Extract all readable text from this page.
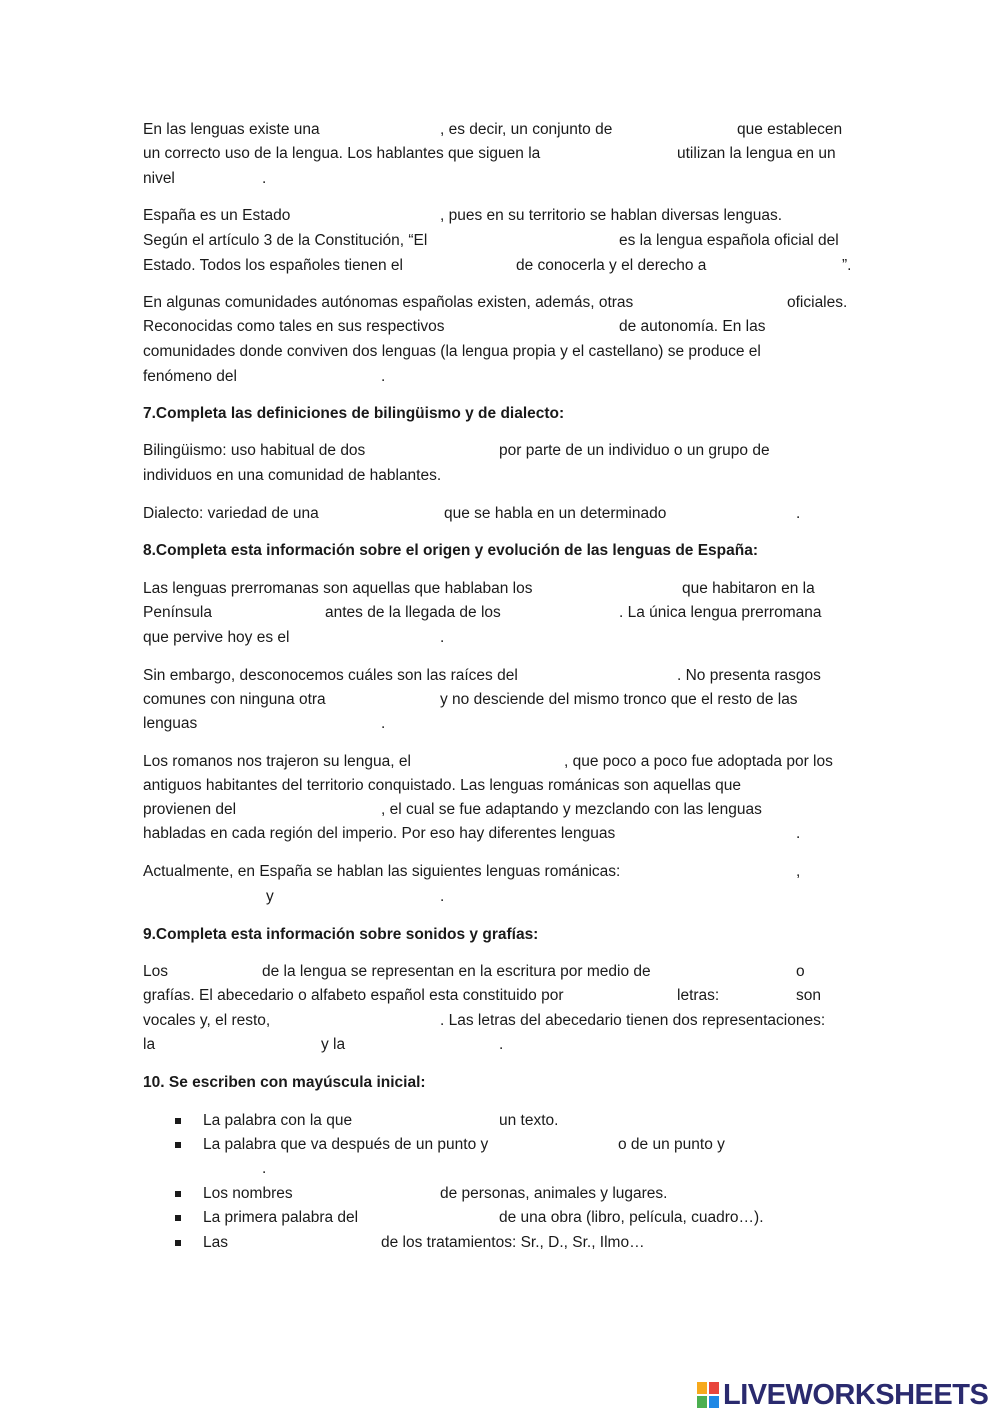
En las lenguas existe una	, es decir, un conjunto de	que establecen
un correcto uso de la lengua. Los hablantes que siguen la	utilizan la lengua en un
nivel	.
España es un Estado	, pues en su territorio se hablan diversas lenguas.
Según el artículo 3 de la Constitución, “El	es la lengua española oficial del
Estado. Todos los españoles tienen el	de conocerla y el derecho a	”.
En algunas comunidades autónomas españolas existen, además, otras	oficiales.
Reconocidas como tales en sus respectivos	de autonomía. En las
comunidades donde conviven dos lenguas (la lengua propia y el castellano) se produce el
fenómeno del	.
7.Completa las definiciones de bilingüismo y de dialecto:
Bilingüismo: uso habitual de dos	por parte de un individuo o un grupo de
individuos en una comunidad de hablantes.
Dialecto: variedad de una	que se habla en un determinado	.
8.Completa esta información sobre el origen y evolución de las lenguas de España:
Las lenguas prerromanas son aquellas que hablaban los	que habitaron en la
Península	antes de la llegada de los	. La única lengua prerromana
que pervive hoy es el	.
Sin embargo, desconocemos cuáles son las raíces del	. No presenta rasgos
comunes con ninguna otra	y no desciende del mismo tronco que el resto de las
lenguas	.
Los romanos nos trajeron su lengua, el	, que poco a poco fue adoptada por los
antiguos habitantes del territorio conquistado. Las lenguas románicas son aquellas que
provienen del	, el cual se fue adaptando y mezclando con las lenguas
habladas en cada región del imperio. Por eso hay diferentes lenguas	.
Actualmente, en España se hablan las siguientes lenguas románicas:	,
y	.
9.Completa esta información sobre sonidos y grafías:
Los	de la lengua se representan en la escritura por medio de	o
grafías. El abecedario o alfabeto español esta constituido por	letras:	son
vocales y, el resto,	. Las letras del abecedario tienen dos representaciones:
la	y la	.
10. Se escriben con mayúscula inicial:
La palabra con la que	un texto.
La palabra que va después de un punto y	o de un punto y
.
Los nombres	de personas, animales y lugares.
La primera palabra del	de una obra (libro, película, cuadro…).
Las	de los tratamientos: Sr., D., Sr., Ilmo…
LIVEWORKSHEETS
